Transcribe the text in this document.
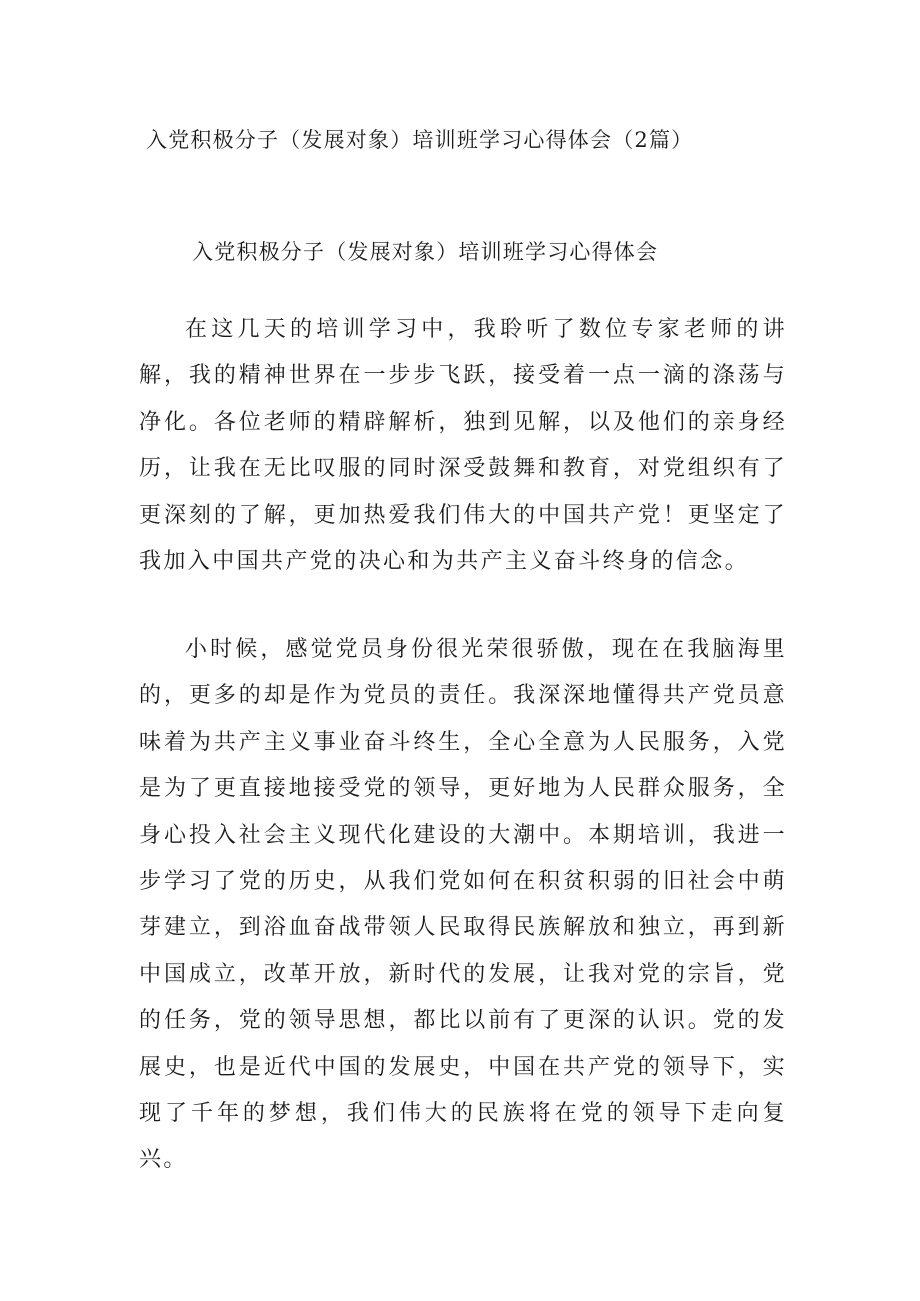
入党积极分子（发展对象）培训班学习心得体会（2篇）
入党积极分子（发展对象）培训班学习心得体会

在这几天的培训学习中，我聆听了数位专家老师的讲解，我的精神世界在一步步飞跃，接受着一点一滴的涤荡与净化。各位老师的精辟解析，独到见解，以及他们的亲身经历，让我在无比叹服的同时深受鼓舞和教育，对党组织有了更深刻的了解，更加热爱我们伟大的中国共产党！更坚定了我加入中国共产党的决心和为共产主义奋斗终身的信念。

小时候，感觉党员身份很光荣很骄傲，现在在我脑海里的，更多的却是作为党员的责任。我深深地懂得共产党员意味着为共产主义事业奋斗终生，全心全意为人民服务，入党是为了更直接地接受党的领导，更好地为人民群众服务，全身心投入社会主义现代化建设的大潮中。本期培训，我进一步学习了党的历史，从我们党如何在积贫积弱的旧社会中萌芽建立，到浴血奋战带领人民取得民族解放和独立，再到新中国成立，改革开放，新时代的发展，让我对党的宗旨，党的任务，党的领导思想，都比以前有了更深的认识。党的发展史，也是近代中国的发展史，中国在共产党的领导下，实现了千年的梦想，我们伟大的民族将在党的领导下走向复兴。
